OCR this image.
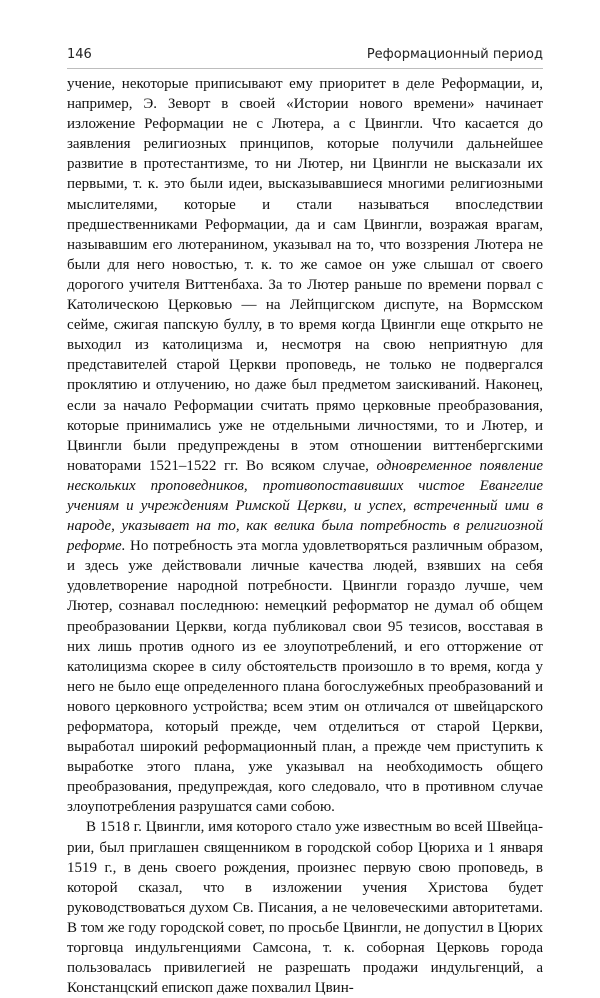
146	Реформационный период

учение, некоторые приписывают ему приоритет в деле Реформации, и, например, Э. Зеворт в своей «Истории нового времени» начинает изложение Реформации не с Лютера, а с Цвингли. Что касается до заявления религиозных принципов, которые получили дальнейшее развитие в протестантизме, то ни Лютер, ни Цвингли не высказали их первыми, т. к. это были идеи, высказывавшиеся многими религиозными мыслителями, которые и стали называться впоследствии предшественниками Реформации, да и сам Цвингли, возражая врагам, называвшим его лютеранином, указывал на то, что воззрения Лютера не были для него новостью, т. к. то же самое он уже слышал от своего дорогого учителя Виттенбаха. За то Лютер раньше по времени порвал с Католическою Церковью — на Лейпцигском диспуте, на Вормсском сейме, сжигая папскую буллу, в то время когда Цвингли еще открыто не выходил из католицизма и, несмотря на свою неприятную для представителей старой Церкви проповедь, не только не подвергался проклятию и отлучению, но даже был предметом заискиваний. Наконец, если за начало Реформации считать прямо церковные преобразования, которые принимались уже не отдельными личностями, то и Лютер, и Цвингли были предупреждены в этом отношении виттенбергскими новаторами 1521–1522 гг. Во всяком случае, одновременное появление нескольких проповедников, противопоставивших чистое Евангелие учениям и учреждениям Римской Церкви, и успех, встреченный ими в народе, указывает на то, как велика была потребность в религиозной реформе. Но потребность эта могла удовлетворяться различным образом, и здесь уже действовали личные качества людей, взявших на себя удовлетворение народной потребности. Цвингли гораздо лучше, чем Лютер, сознавал последнюю: немецкий реформатор не думал об общем преобразовании Церкви, когда публиковал свои 95 тезисов, восставая в них лишь против одного из ее злоупотреблений, и его отторжение от католицизма скорее в силу обстоятельств произошло в то время, когда у него не было еще определенного плана богослужебных преобразований и нового церковного устройства; всем этим он отличался от швейцарского реформатора, который прежде, чем отделиться от старой Церкви, выработал широкий реформационный план, а прежде чем приступить к выработке этого плана, уже указывал на необходимость общего преобразования, предупреждая, кого следовало, что в противном случае злоупотребления разрушатся сами собою.

В 1518 г. Цвингли, имя которого стало уже известным во всей Швейцарии, был приглашен священником в городской собор Цюриха и 1 января 1519 г., в день своего рождения, произнес первую свою проповедь, в которой сказал, что в изложении учения Христова будет руководствоваться духом Св. Писания, а не человеческими авторитетами. В том же году городской совет, по просьбе Цвингли, не допустил в Цюрих торговца индульгенциями Самсона, т. к. соборная Церковь города пользовалась привилегией не разрешать продажи индульгенций, а Констанцский епископ даже похвалил Цвин-
